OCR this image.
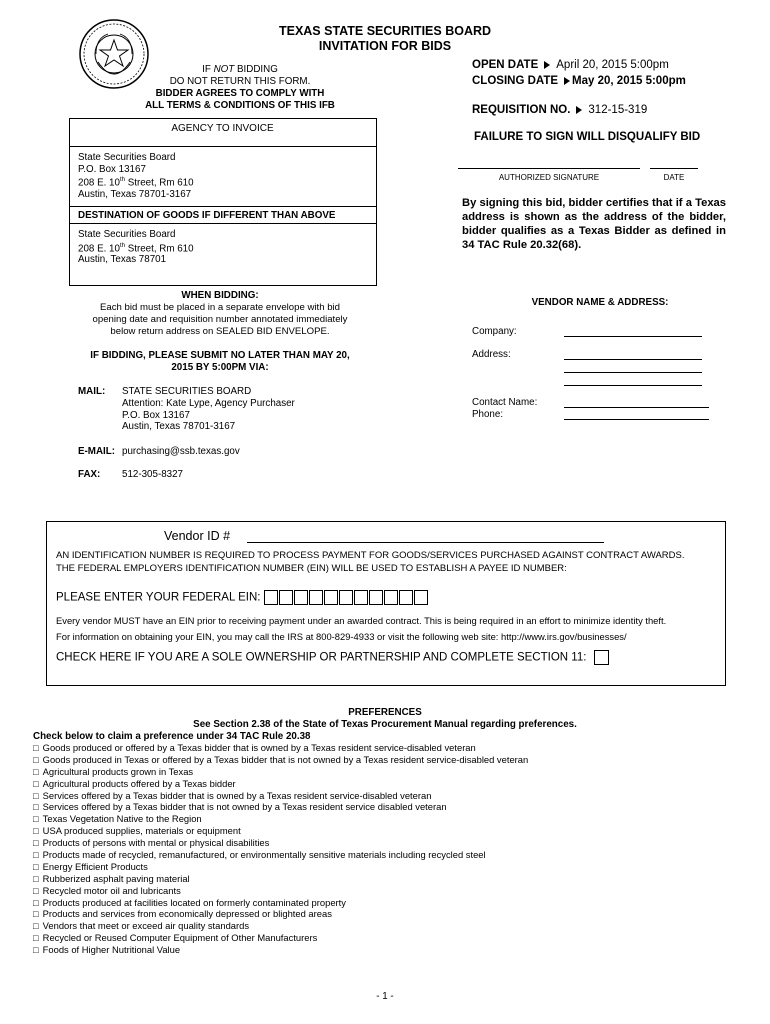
TEXAS STATE SECURITIES BOARD
INVITATION FOR BIDS
IF NOT BIDDING
DO NOT RETURN THIS FORM.
BIDDER AGREES TO COMPLY WITH
ALL TERMS & CONDITIONS OF THIS IFB
OPEN DATE April 20, 2015 5:00pm
CLOSING DATE May 20, 2015 5:00pm
REQUISITION NO. 312-15-319
FAILURE TO SIGN WILL DISQUALIFY BID
AUTHORIZED SIGNATURE	DATE
By signing this bid, bidder certifies that if a Texas address is shown as the address of the bidder, bidder qualifies as a Texas Bidder as defined in 34 TAC Rule 20.32(68).
AGENCY TO INVOICE
State Securities Board
P.O. Box 13167
208 E. 10th Street, Rm 610
Austin, Texas 78701-3167
DESTINATION OF GOODS IF DIFFERENT THAN ABOVE
State Securities Board
208 E. 10th Street, Rm 610
Austin, Texas 78701
WHEN BIDDING:
Each bid must be placed in a separate envelope with bid
opening date and requisition number annotated immediately
below return address on SEALED BID ENVELOPE.
IF BIDDING, PLEASE SUBMIT NO LATER THAN MAY 20,
2015 BY 5:00PM VIA:
MAIL: STATE SECURITIES BOARD
Attention: Kate Lype, Agency Purchaser
P.O. Box 13167
Austin, Texas 78701-3167
E-MAIL: purchasing@ssb.texas.gov
FAX: 512-305-8327
VENDOR NAME & ADDRESS:
Company:
Address:
Contact Name:
Phone:
Vendor ID #
AN IDENTIFICATION NUMBER IS REQUIRED TO PROCESS PAYMENT FOR GOODS/SERVICES PURCHASED AGAINST CONTRACT AWARDS. THE FEDERAL EMPLOYERS IDENTIFICATION NUMBER (EIN) WILL BE USED TO ESTABLISH A PAYEE ID NUMBER:
PLEASE ENTER YOUR FEDERAL EIN:
Every vendor MUST have an EIN prior to receiving payment under an awarded contract. This is being required in an effort to minimize identity theft.
For information on obtaining your EIN, you may call the IRS at 800-829-4933 or visit the following web site: http://www.irs.gov/businesses/
CHECK HERE IF YOU ARE A SOLE OWNERSHIP OR PARTNERSHIP AND COMPLETE SECTION 11:
PREFERENCES
See Section 2.38 of the State of Texas Procurement Manual regarding preferences.
Check below to claim a preference under 34 TAC Rule 20.38
□ Goods produced or offered by a Texas bidder that is owned by a Texas resident service-disabled veteran
□ Goods produced in Texas or offered by a Texas bidder that is not owned by a Texas resident service-disabled veteran
□ Agricultural products grown in Texas
□ Agricultural products offered by a Texas bidder
□ Services offered by a Texas bidder that is owned by a Texas resident service-disabled veteran
□ Services offered by a Texas bidder that is not owned by a Texas resident service disabled veteran
□ Texas Vegetation Native to the Region
□ USA produced supplies, materials or equipment
□ Products of persons with mental or physical disabilities
□ Products made of recycled, remanufactured, or environmentally sensitive materials including recycled steel
□ Energy Efficient Products
□ Rubberized asphalt paving material
□ Recycled motor oil and lubricants
□ Products produced at facilities located on formerly contaminated property
□ Products and services from economically depressed or blighted areas
□ Vendors that meet or exceed air quality standards
□ Recycled or Reused Computer Equipment of Other Manufacturers
□ Foods of Higher Nutritional Value
- 1 -
